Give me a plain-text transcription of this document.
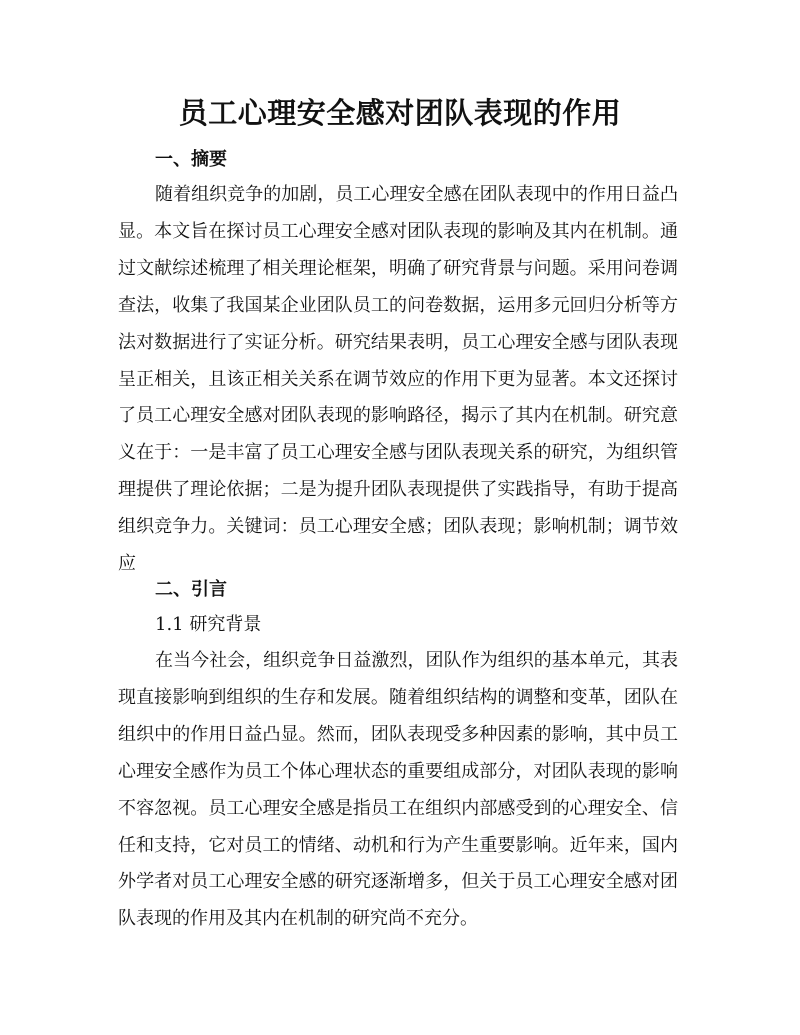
员工心理安全感对团队表现的作用
一、摘要

随着组织竞争的加剧，员工心理安全感在团队表现中的作用日益凸显。本文旨在探讨员工心理安全感对团队表现的影响及其内在机制。通过文献综述梳理了相关理论框架，明确了研究背景与问题。采用问卷调查法，收集了我国某企业团队员工的问卷数据，运用多元回归分析等方法对数据进行了实证分析。研究结果表明，员工心理安全感与团队表现呈正相关，且该正相关关系在调节效应的作用下更为显著。本文还探讨了员工心理安全感对团队表现的影响路径，揭示了其内在机制。研究意义在于：一是丰富了员工心理安全感与团队表现关系的研究，为组织管理提供了理论依据；二是为提升团队表现提供了实践指导，有助于提高组织竞争力。关键词：员工心理安全感；团队表现；影响机制；调节效应

二、引言
1.1 研究背景

在当今社会，组织竞争日益激烈，团队作为组织的基本单元，其表现直接影响到组织的生存和发展。随着组织结构的调整和变革，团队在组织中的作用日益凸显。然而，团队表现受多种因素的影响，其中员工心理安全感作为员工个体心理状态的重要组成部分，对团队表现的影响不容忽视。员工心理安全感是指员工在组织内部感受到的心理安全、信任和支持，它对员工的情绪、动机和行为产生重要影响。近年来，国内外学者对员工心理安全感的研究逐渐增多，但关于员工心理安全感对团队表现的作用及其内在机制的研究尚不充分。
